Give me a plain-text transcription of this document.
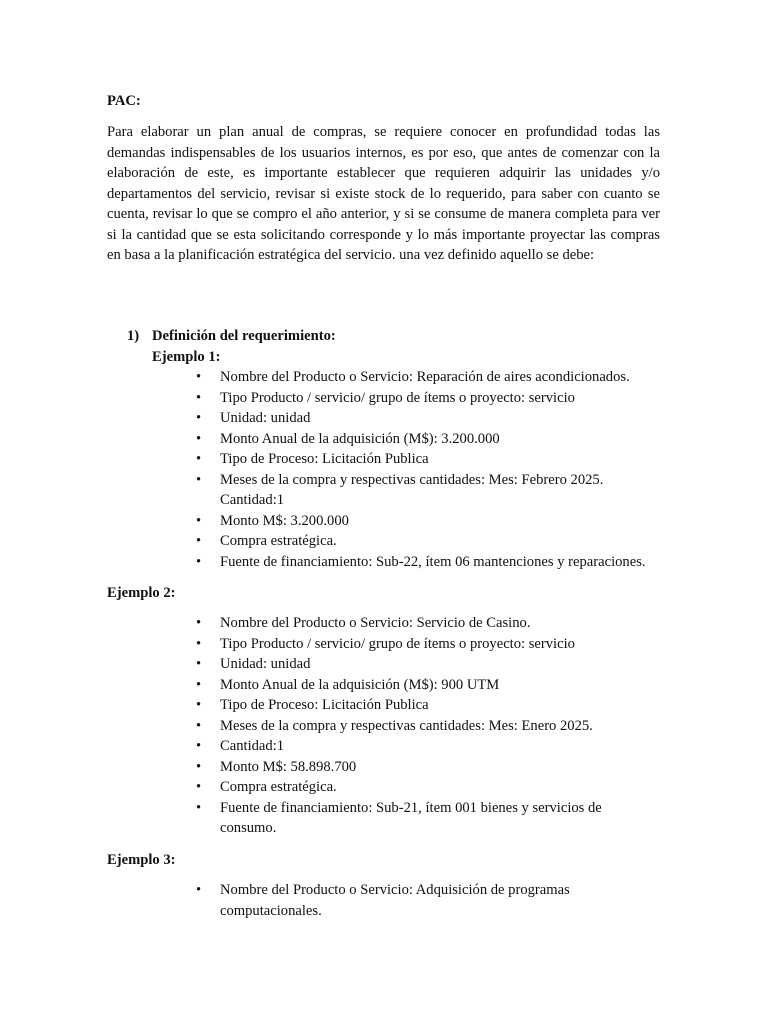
PAC:

Para elaborar un plan anual de compras, se requiere conocer en profundidad todas las demandas indispensables de los usuarios internos, es por eso, que antes de comenzar con la elaboración de este, es importante establecer que requieren adquirir las unidades y/o departamentos del servicio, revisar si existe stock de lo requerido, para saber con cuanto se cuenta, revisar lo que se compro el año anterior, y si se consume de manera completa para ver si la cantidad que se esta solicitando corresponde y lo más importante proyectar las compras en basa a la planificación estratégica del servicio. una vez definido aquello se debe:

1) Definición del requerimiento:

Ejemplo 1:

•	Nombre del Producto o Servicio: Reparación de aires acondicionados.
•	Tipo Producto / servicio/ grupo de ítems o proyecto: servicio
•	Unidad: unidad
•	Monto Anual de la adquisición (M$): 3.200.000
•	Tipo de Proceso: Licitación Publica
•	Meses de la compra y respectivas cantidades: Mes: Febrero 2025. Cantidad:1
•	Monto M$: 3.200.000
•	Compra estratégica.
•	Fuente de financiamiento: Sub-22, ítem 06 mantenciones y reparaciones.

Ejemplo 2:

•	Nombre del Producto o Servicio: Servicio de Casino.
•	Tipo Producto / servicio/ grupo de ítems o proyecto: servicio
•	Unidad: unidad
•	Monto Anual de la adquisición (M$): 900 UTM
•	Tipo de Proceso: Licitación Publica
•	Meses de la compra y respectivas cantidades: Mes: Enero 2025.
•	Cantidad:1
•	Monto M$: 58.898.700
•	Compra estratégica.
•	Fuente de financiamiento: Sub-21, ítem 001 bienes y servicios de consumo.

Ejemplo 3:

•	Nombre del Producto o Servicio: Adquisición de programas computacionales.
